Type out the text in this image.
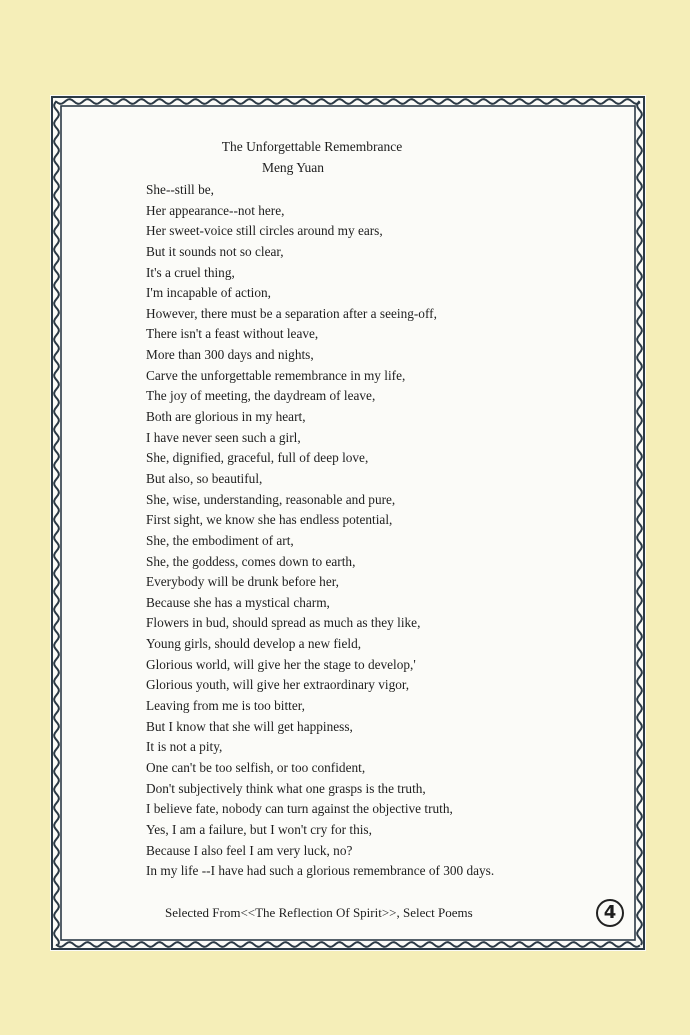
The Unforgettable Remembrance
Meng Yuan
She--still be,
Her appearance--not here,
Her sweet-voice still circles around my ears,
But it sounds not so clear,
It's a cruel thing,
I'm incapable of action,
However, there must be a separation after a seeing-off,
There isn't a feast without leave,
More than 300 days and nights,
Carve the unforgettable remembrance in my life,
The joy of meeting, the daydream of leave,
Both are glorious in my heart,
I have never seen such a girl,
She, dignified, graceful, full of deep love,
But also, so beautiful,
She, wise, understanding, reasonable and pure,
First sight, we know she has endless potential,
She, the embodiment of art,
She, the goddess, comes down to earth,
Everybody will be drunk before her,
Because she has a mystical charm,
Flowers in bud, should spread as much as they like,
Young girls, should develop a new field,
Glorious world, will give her the stage to develop,'
Glorious youth, will give her extraordinary vigor,
Leaving from me is too bitter,
But I know that she will get happiness,
It is not a pity,
One can't be too selfish, or too confident,
Don't subjectively think what one grasps is the truth,
I believe fate, nobody can turn against the objective truth,
Yes, I am a failure, but I won't cry for this,
Because I also feel I am very luck, no?
In my life --I have had such a glorious remembrance of 300 days.
Selected From<<The Reflection Of Spirit>>, Select Poems	4
